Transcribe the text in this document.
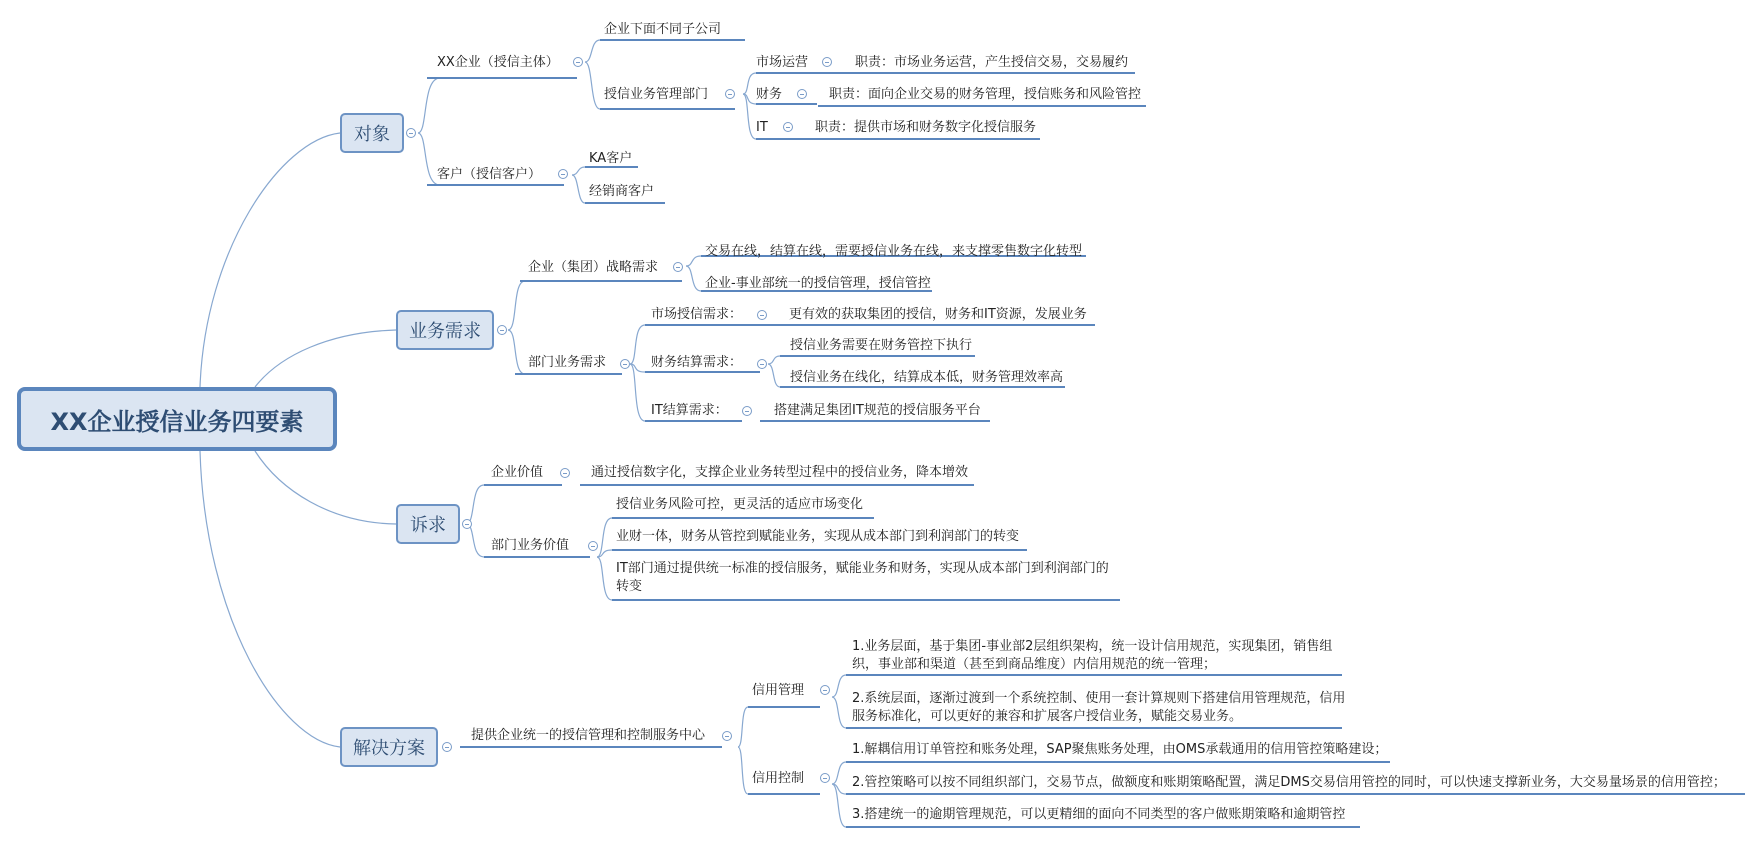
XX企业授信业务四要素
对象
XX企业（授信主体）
企业下面不同子公司
授信业务管理部门
市场运营	职责：市场业务运营，产生授信交易，交易履约
财务	职责：面向企业交易的财务管理，授信账务和风险管控
IT	职责：提供市场和财务数字化授信服务
客户（授信客户）
KA客户
经销商客户
业务需求
企业（集团）战略需求
交易在线，结算在线，需要授信业务在线，来支撑零售数字化转型
企业-事业部统一的授信管理，授信管控
部门业务需求
市场授信需求：	更有效的获取集团的授信，财务和IT资源，发展业务
财务结算需求：
授信业务需要在财务管控下执行
授信业务在线化，结算成本低，财务管理效率高
IT结算需求：	搭建满足集团IT规范的授信服务平台
诉求
企业价值	通过授信数字化，支撑企业业务转型过程中的授信业务，降本增效
部门业务价值
授信业务风险可控，更灵活的适应市场变化
业财一体，财务从管控到赋能业务，实现从成本部门到利润部门的转变
IT部门通过提供统一标准的授信服务，赋能业务和财务，实现从成本部门到利润部门的转变
解决方案
提供企业统一的授信管理和控制服务中心
信用管理
1.业务层面，基于集团-事业部2层组织架构，统一设计信用规范，实现集团，销售组织，事业部和渠道（甚至到商品维度）内信用规范的统一管理；
2.系统层面，逐渐过渡到一个系统控制、使用一套计算规则下搭建信用管理规范，信用服务标准化，可以更好的兼容和扩展客户授信业务，赋能交易业务。
信用控制
1.解耦信用订单管控和账务处理，SAP聚焦账务处理，由OMS承载通用的信用管控策略建设；
2.管控策略可以按不同组织部门，交易节点，做额度和账期策略配置，满足DMS交易信用管控的同时，可以快速支撑新业务，大交易量场景的信用管控；
3.搭建统一的逾期管理规范，可以更精细的面向不同类型的客户做账期策略和逾期管控
